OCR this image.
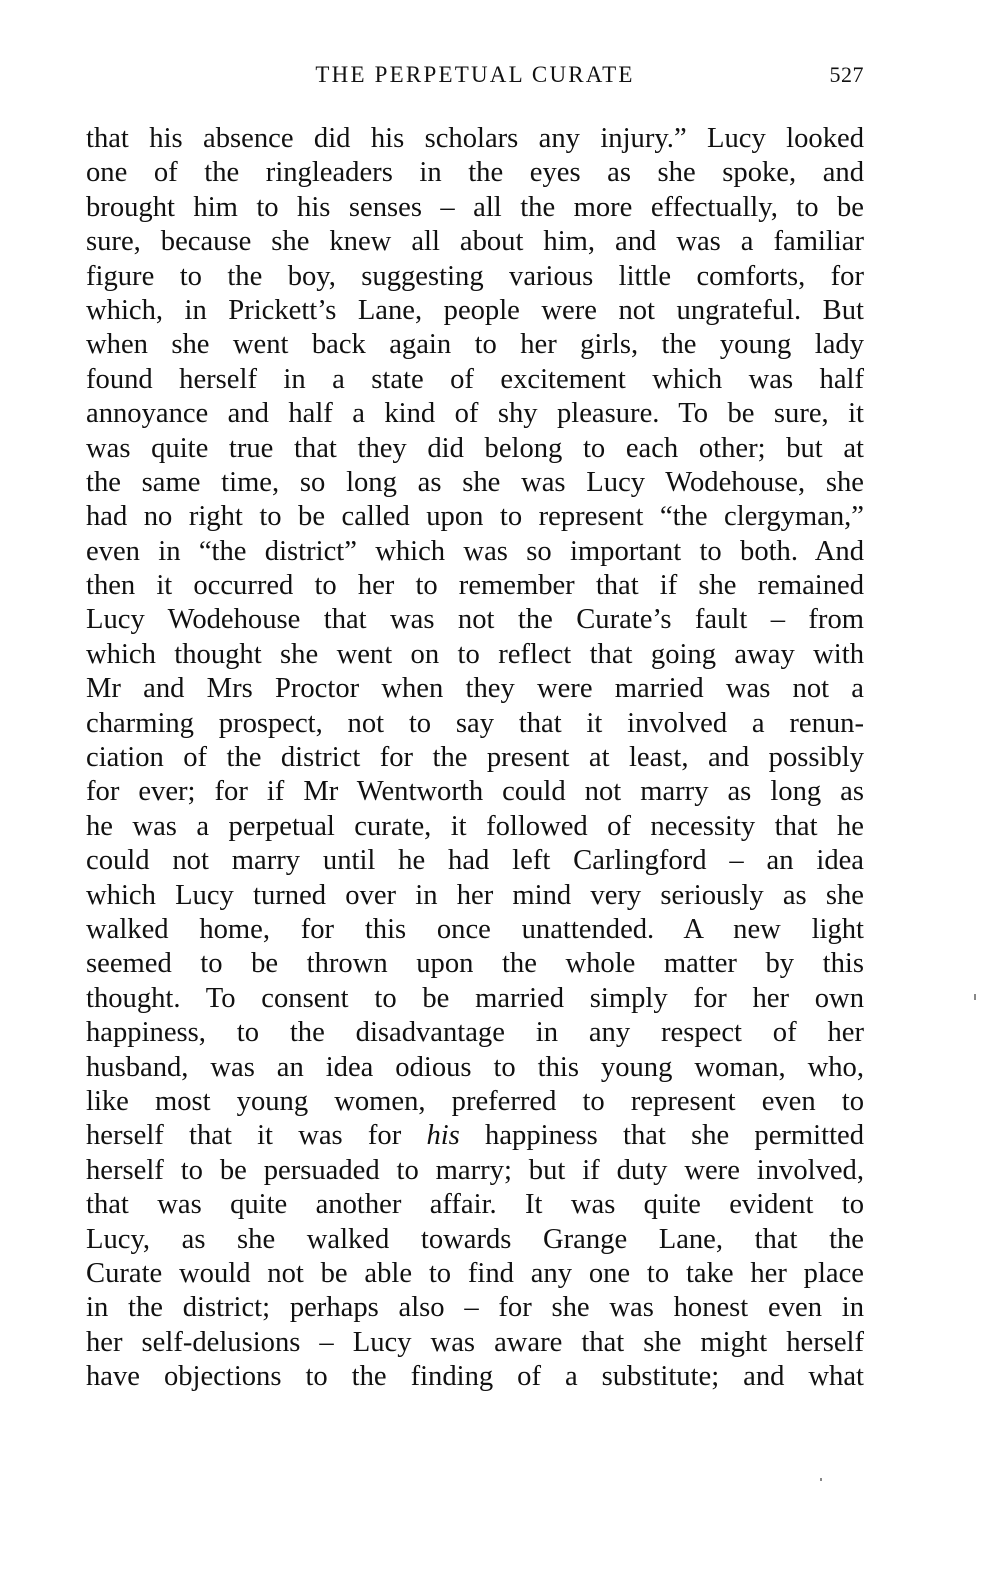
THE PERPETUAL CURATE	527
that his absence did his scholars any injury.” Lucy looked
one of the ringleaders in the eyes as she spoke, and
brought him to his senses – all the more effectually, to be
sure, because she knew all about him, and was a familiar
figure to the boy, suggesting various little comforts, for
which, in Prickett’s Lane, people were not ungrateful. But
when she went back again to her girls, the young lady
found herself in a state of excitement which was half
annoyance and half a kind of shy pleasure. To be sure, it
was quite true that they did belong to each other; but at
the same time, so long as she was Lucy Wodehouse, she
had no right to be called upon to represent “the clergyman,”
even in “the district” which was so important to both. And
then it occurred to her to remember that if she remained
Lucy Wodehouse that was not the Curate’s fault – from
which thought she went on to reflect that going away with
Mr and Mrs Proctor when they were married was not a
charming prospect, not to say that it involved a renun-
ciation of the district for the present at least, and possibly
for ever; for if Mr Wentworth could not marry as long as
he was a perpetual curate, it followed of necessity that he
could not marry until he had left Carlingford – an idea
which Lucy turned over in her mind very seriously as she
walked home, for this once unattended. A new light
seemed to be thrown upon the whole matter by this
thought. To consent to be married simply for her own
happiness, to the disadvantage in any respect of her
husband, was an idea odious to this young woman, who,
like most young women, preferred to represent even to
herself that it was for his happiness that she permitted
herself to be persuaded to marry; but if duty were involved,
that was quite another affair. It was quite evident to
Lucy, as she walked towards Grange Lane, that the
Curate would not be able to find any one to take her place
in the district; perhaps also – for she was honest even in
her self-delusions – Lucy was aware that she might herself
have objections to the finding of a substitute; and what
